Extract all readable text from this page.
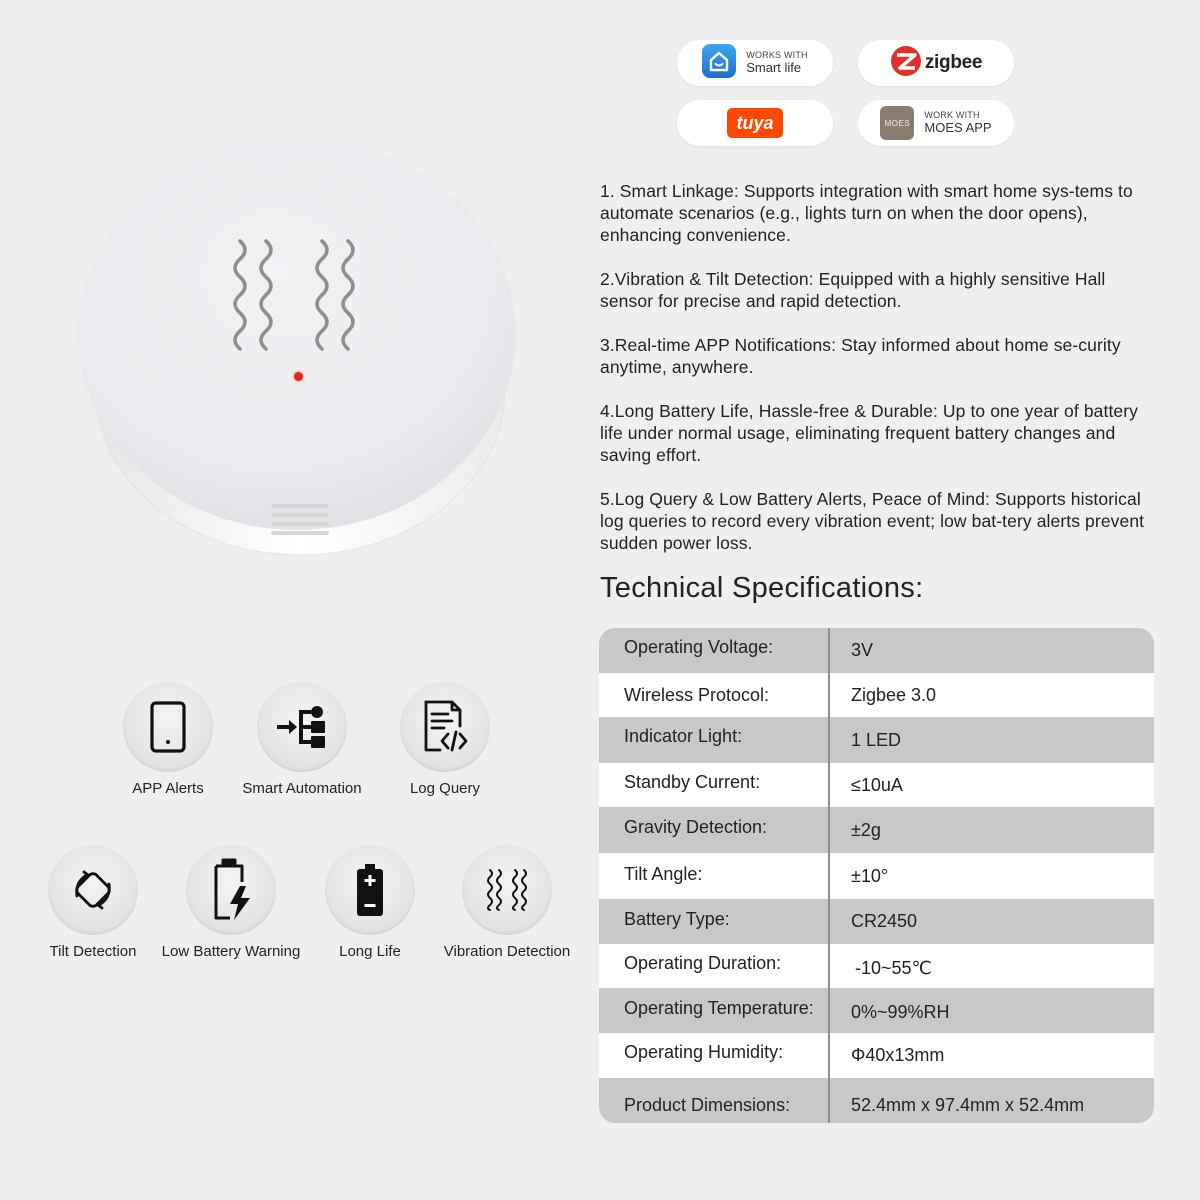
WORKS WITH
Smart life	zigbee
tuya	MOES
WORK WITH
MOES APP

1. Smart Linkage: Supports integration with smart home sys-tems to automate scenarios (e.g., lights turn on when the door opens), enhancing convenience.

2.Vibration & Tilt Detection: Equipped with a highly sensitive Hall sensor for precise and rapid detection.

3.Real-time APP Notifications: Stay informed about home se-curity anytime, anywhere.

4.Long Battery Life, Hassle-free & Durable: Up to one year of battery life under normal usage, eliminating frequent battery changes and saving effort.

5.Log Query & Low Battery Alerts, Peace of Mind: Supports historical log queries to record every vibration event; low bat-tery alerts prevent sudden power loss.

Technical Specifications:
Operating Voltage:	3V
Wireless Protocol:	Zigbee 3.0
Indicator Light:	1 LED
Standby Current:	≤10uA
Gravity Detection:	±2g
Tilt Angle:	±10°
Battery Type:	CR2450
Operating Duration:	-10~55℃
Operating Temperature:	0%~99%RH
Operating Humidity:	Φ40x13mm
Product Dimensions:	52.4mm x 97.4mm x 52.4mm
APP Alerts	Smart Automation	Log Query
Tilt Detection Low Battery Warning	Long Life	Vibration Detection
